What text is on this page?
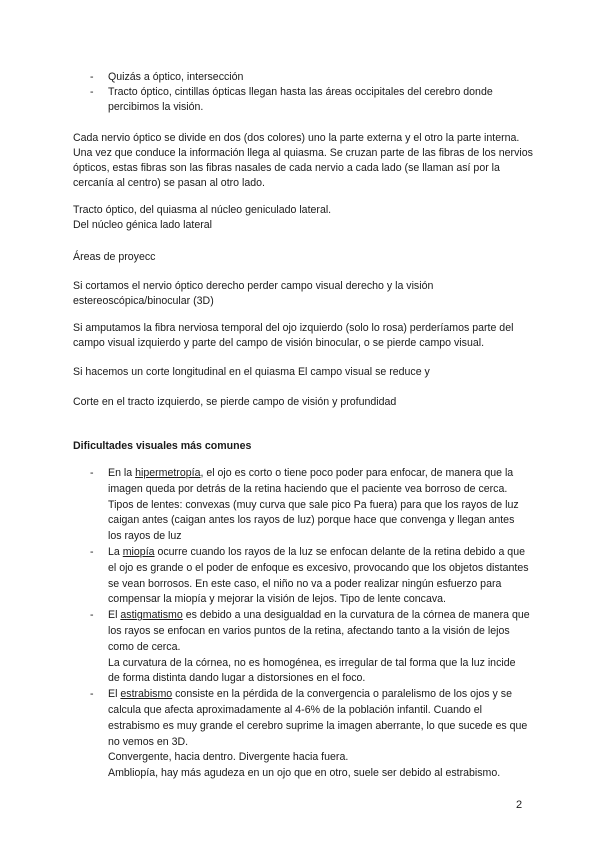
- Quizás a óptico, intersección
- Tracto óptico, cintillas ópticas llegan hasta las áreas occipitales del cerebro donde percibimos la visión.

Cada nervio óptico se divide en dos (dos colores) uno la parte externa y el otro la parte interna. Una vez que conduce la información llega al quiasma. Se cruzan parte de las fibras de los nervios ópticos, estas fibras son las fibras nasales de cada nervio a cada lado (se llaman así por la cercanía al centro) se pasan al otro lado.

Tracto óptico, del quiasma al núcleo geniculado lateral.
Del núcleo génica lado lateral

Áreas de proyecc

Si cortamos el nervio óptico derecho perder campo visual derecho y la visión estereoscópica/binocular (3D)

Si amputamos la fibra nerviosa temporal del ojo izquierdo (solo lo rosa) perderíamos parte del campo visual izquierdo y parte del campo de visión binocular, o se pierde campo visual.

Si hacemos un corte longitudinal en el quiasma El campo visual se reduce y

Corte en el tracto izquierdo, se pierde campo de visión y profundidad

Dificultades visuales más comunes

- En la hipermetropía, el ojo es corto o tiene poco poder para enfocar, de manera que la imagen queda por detrás de la retina haciendo que el paciente vea borroso de cerca. Tipos de lentes: convexas (muy curva que sale pico Pa fuera) para que los rayos de luz caigan antes (caigan antes los rayos de luz) porque hace que convenga y llegan antes los rayos de luz
- La miopía ocurre cuando los rayos de la luz se enfocan delante de la retina debido a que el ojo es grande o el poder de enfoque es excesivo, provocando que los objetos distantes se vean borrosos. En este caso, el niño no va a poder realizar ningún esfuerzo para compensar la miopía y mejorar la visión de lejos. Tipo de lente concava.
- El astigmatismo es debido a una desigualdad en la curvatura de la córnea de manera que los rayos se enfocan en varios puntos de la retina, afectando tanto a la visión de lejos como de cerca.
La curvatura de la córnea, no es homogénea, es irregular de tal forma que la luz incide de forma distinta dando lugar a distorsiones en el foco.
- El estrabismo consiste en la pérdida de la convergencia o paralelismo de los ojos y se calcula que afecta aproximadamente al 4-6% de la población infantil. Cuando el estrabismo es muy grande el cerebro suprime la imagen aberrante, lo que sucede es que no vemos en 3D.
Convergente, hacia dentro. Divergente hacia fuera.
Ambliopía, hay más agudeza en un ojo que en otro, suele ser debido al estrabismo.
2
